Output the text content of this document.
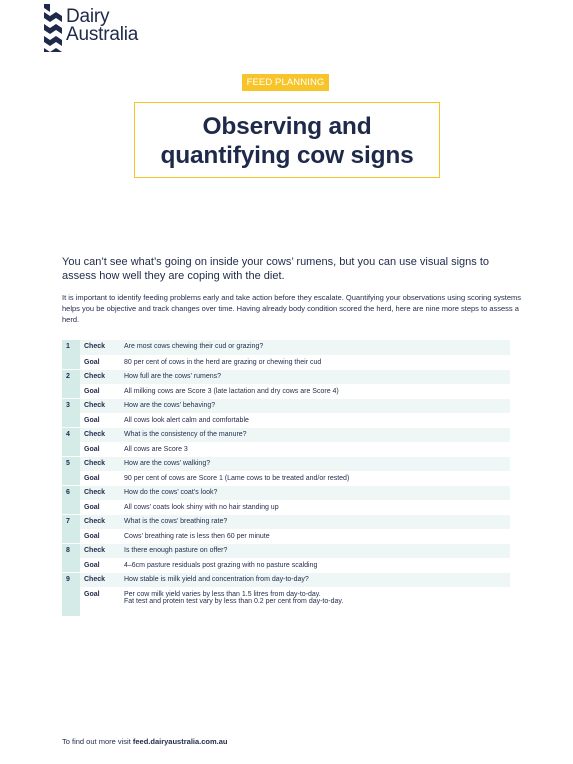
Dairy
Australia
FEED PLANNING
Observing and
quantifying cow signs

You can’t see what’s going on inside your cows’ rumens, but you can use visual signs to assess how well they are coping with the diet.

It is important to identify feeding problems early and take action before they escalate. Quantifying your observations using scoring systems helps you be objective and track changes over time. Having already body condition scored the herd, here are nine more steps to assess a herd.

1	Check	Are most cows chewing their cud or grazing?
	Goal	80 per cent of cows in the herd are grazing or chewing their cud

2	Check	How full are the cows’ rumens?
	Goal	All milking cows are Score 3 (late lactation and dry cows are Score 4)

3	Check	How are the cows’ behaving?
	Goal	All cows look alert calm and comfortable

4	Check	What is the consistency of the manure?
	Goal	All cows are Score 3

5	Check	How are the cows’ walking?
	Goal	90 per cent of cows are Score 1 (Lame cows to be treated and/or rested)

6	Check	How do the cows’ coat’s look?
	Goal	All cows’ coats look shiny with no hair standing up

7	Check	What is the cows’ breathing rate?
	Goal	Cows’ breathing rate is less then 60 per minute

8	Check	Is there enough pasture on offer?
	Goal	4–6cm pasture residuals post grazing with no pasture scalding

9	Check	How stable is milk yield and concentration from day-to-day?
	Goal	Per cow milk yield varies by less than 1.5 litres from day-to-day.
Fat test and protein test vary by less than 0.2 per cent from day-to-day.
To find out more visit feed.dairyaustralia.com.au
